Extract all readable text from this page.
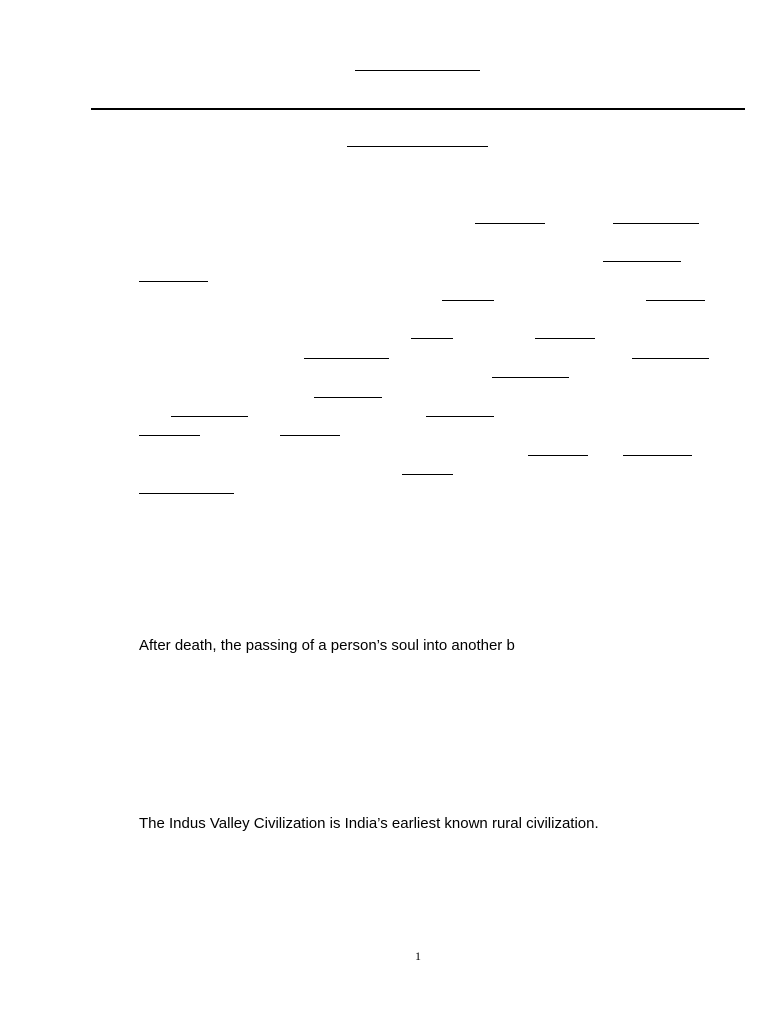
After death, the passing of a person’s soul into another b
The Indus Valley Civilization is India’s earliest known rural civilization.
1
